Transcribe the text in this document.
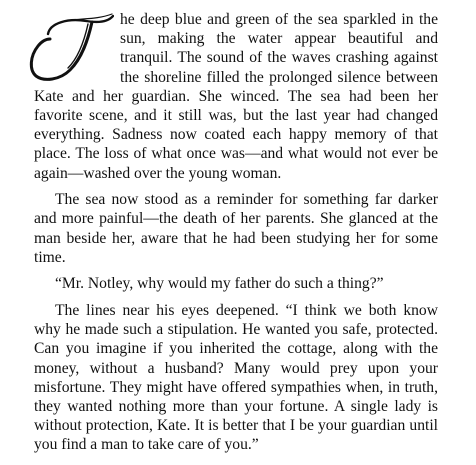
he deep blue and green of the sea sparkled in the sun, making the water appear beautiful and tranquil. The sound of the waves crashing against the shoreline filled the prolonged silence between Kate and her guardian. She winced. The sea had been her favorite scene, and it still was, but the last year had changed everything. Sadness now coated each happy memory of that place. The loss of what once was—and what would not ever be again—washed over the young woman.

The sea now stood as a reminder for something far darker and more painful—the death of her parents. She glanced at the man beside her, aware that he had been studying her for some time.

“Mr. Notley, why would my father do such a thing?”

The lines near his eyes deepened. “I think we both know why he made such a stipulation. He wanted you safe, protected. Can you imagine if you inherited the cottage, along with the money, without a husband? Many would prey upon your misfortune. They might have offered sympathies when, in truth, they wanted nothing more than your fortune. A single lady is without protection, Kate. It is better that I be your guardian until you find a man to take care of you.”
